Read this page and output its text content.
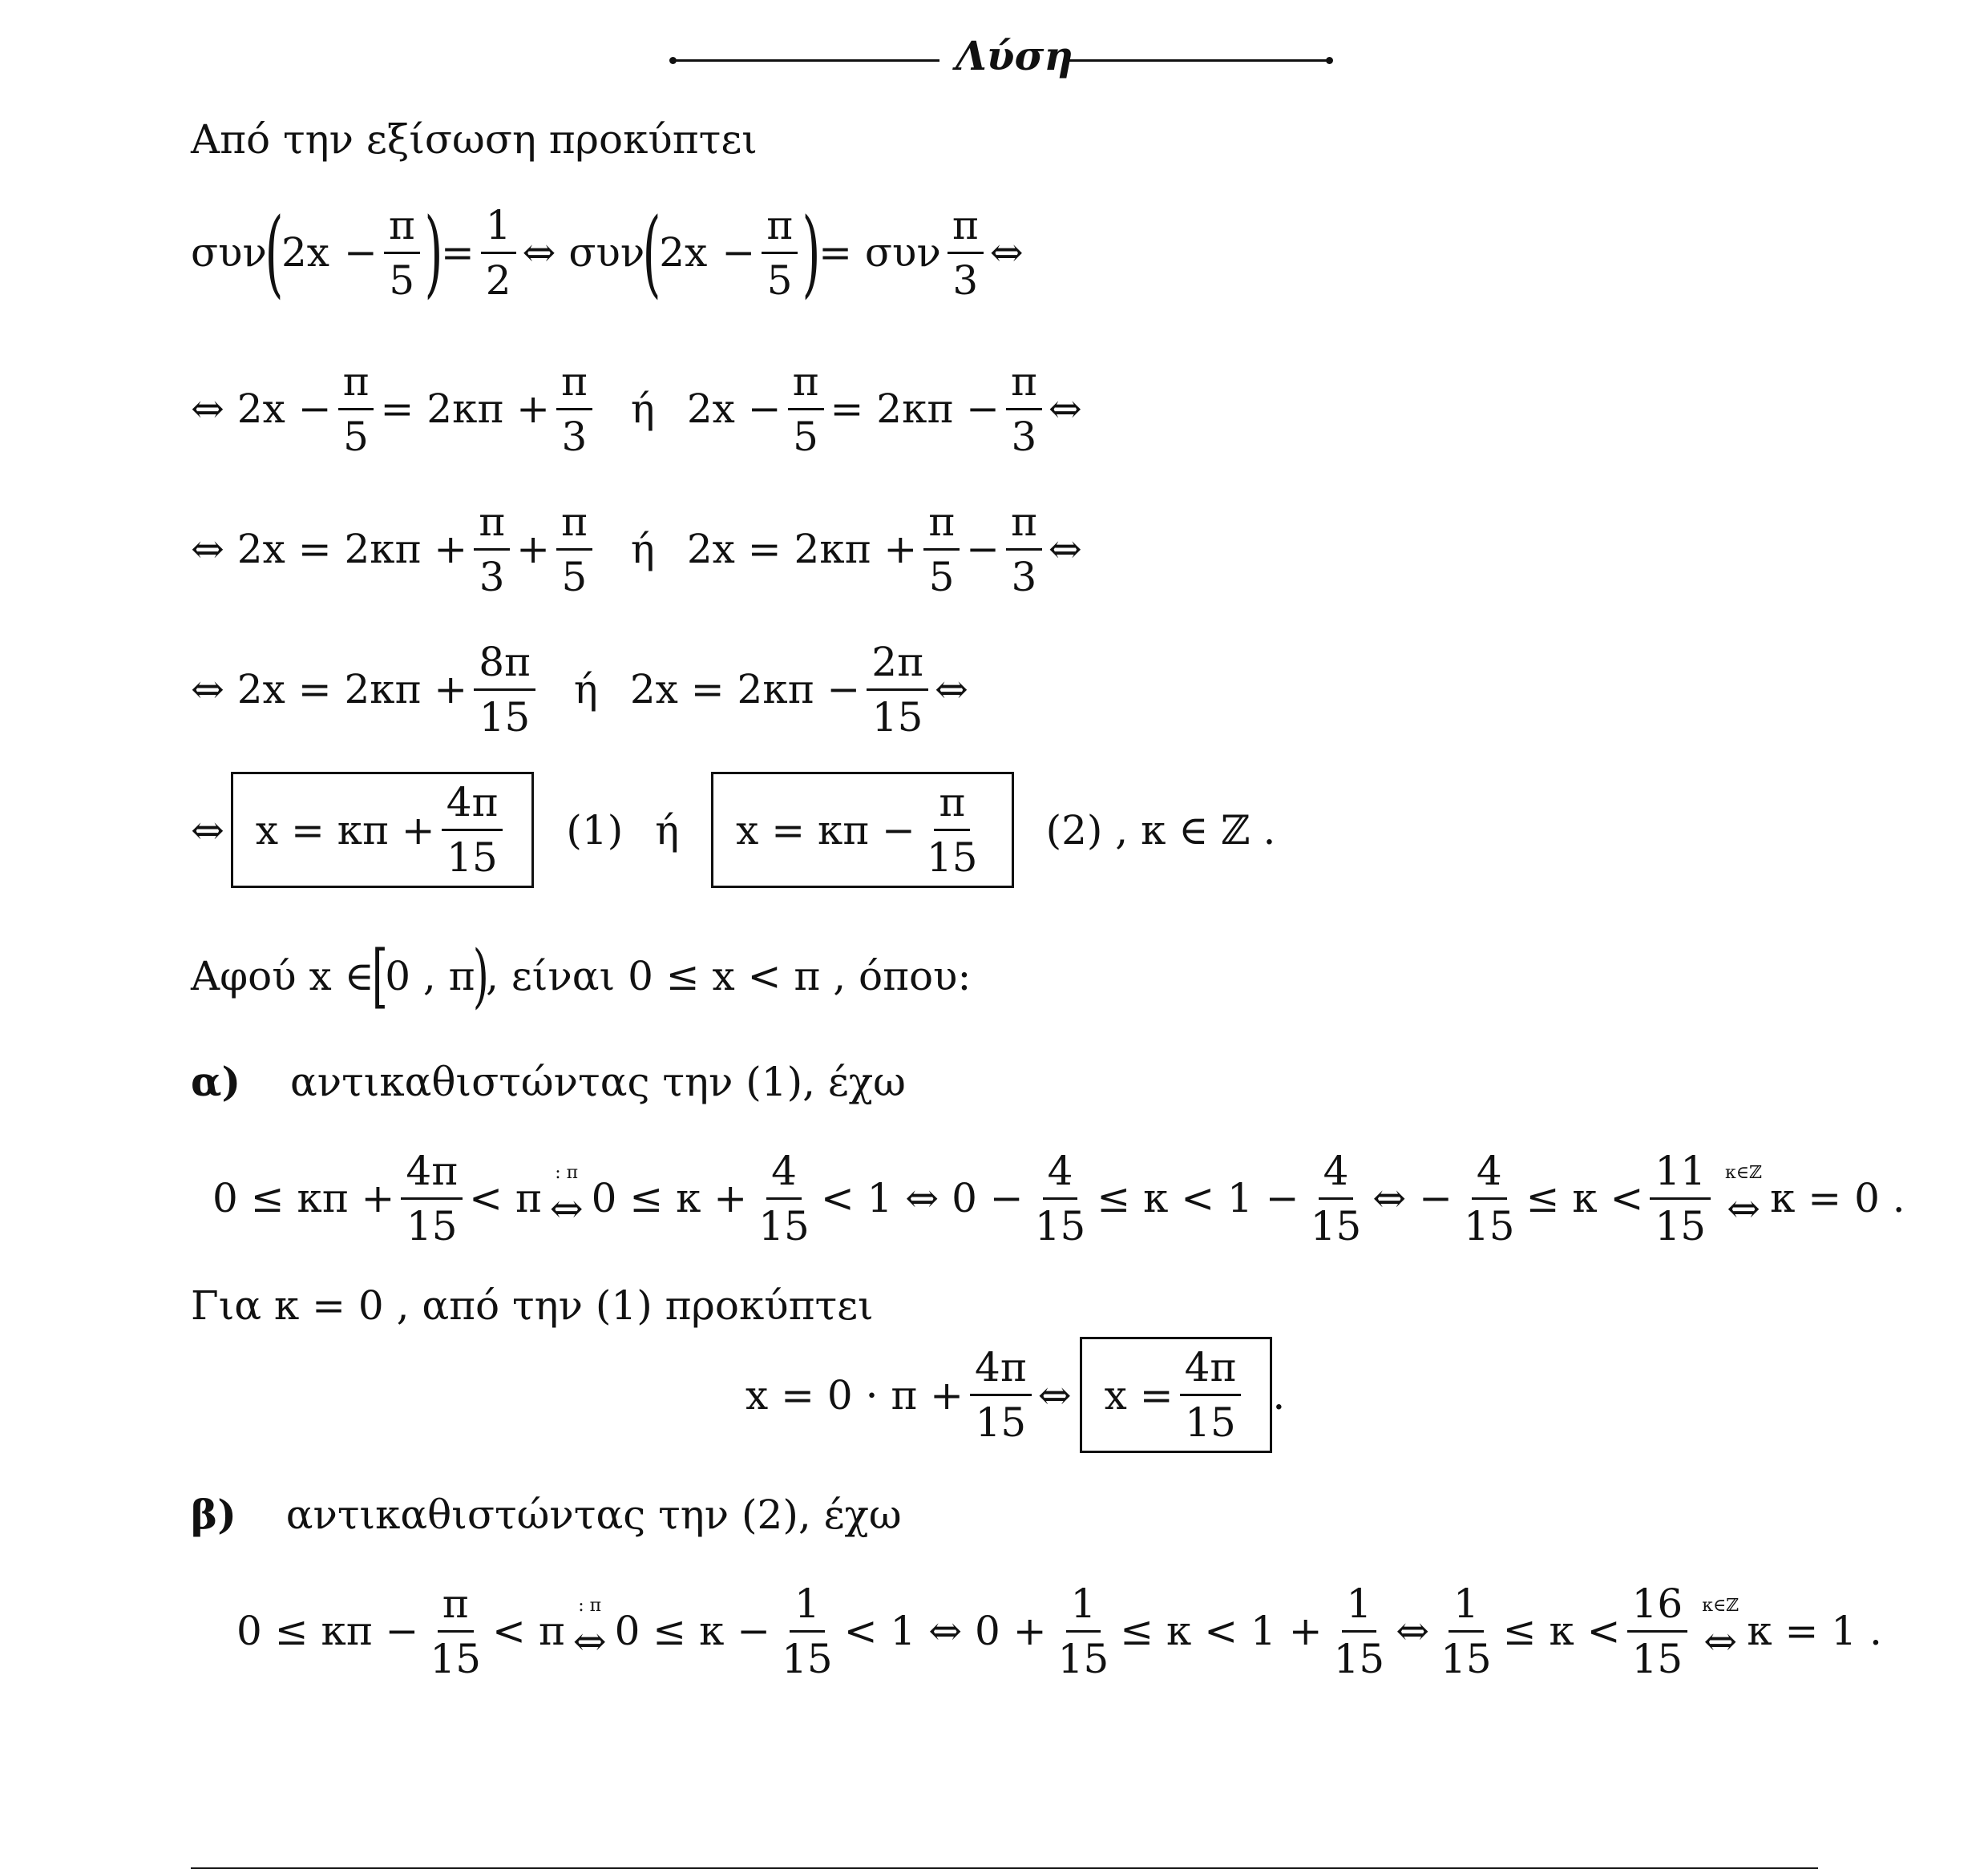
Λύση
Από την εξίσωση προκύπτει
συν
(
$2x - \frac{\pi}{5}$ )
= $\frac{1}{2}$ ⇔ συν
(
$2x - \frac{\pi}{5}$ )
= συν $\frac{\pi}{3}$ ⇔
⇔ $2x - \frac{\pi}{5} = 2\kappa\pi + \frac{\pi}{3}$ ή $2x - \frac{\pi}{5} = 2\kappa\pi - \frac{\pi}{3}$ ⇔
⇔ $2x = 2\kappa\pi + \frac{\pi}{3} + \frac{\pi}{5}$ ή $2x = 2\kappa\pi + \frac{\pi}{5} - \frac{\pi}{3}$ ⇔
⇔ $2x = 2\kappa\pi + \frac{8\pi}{15}$ ή $2x = 2\kappa\pi - \frac{2\pi}{15}$ ⇔
⇔ $x = \kappa\pi + \frac{4\pi}{15} (1)$ ή $x = \kappa\pi - \frac{\pi}{15} (2)$ , κ ∈ ℤ .
Αφού x ∈
[
0 , π
)
, είναι 0 ≤ x < π , όπου:
α) αντικαθιστώντας την (1), έχω
$0 \le \kappa\pi + \frac{4\pi}{15} < \pi$
: π
⇔ $0 \le \kappa + \frac{4}{15} < 1$ ⇔ $0 - \frac{4}{15} \le \kappa < 1 - \frac{4}{15}$ ⇔ − $\frac{4}{15} \le \kappa < \frac{11}{15}$ κ∈ℤ
⇔ κ = 0 .
Για κ = 0 , από την (1) προκύπτει
$x = 0 \cdot \pi + \frac{4\pi}{15}$ ⇔ $x = \frac{4\pi}{15}$ .
β) αντικαθιστώντας την (2), έχω
$0 \le \kappa\pi - \frac{\pi}{15} < \pi$
: π
⇔ $0 \le \kappa - \frac{1}{15} < 1$ ⇔ $0 + \frac{1}{15} \le \kappa < 1 + \frac{1}{15}$ ⇔ $\frac{1}{15} \le \kappa < \frac{16}{15}$ κ∈ℤ
⇔ κ = 1 .
